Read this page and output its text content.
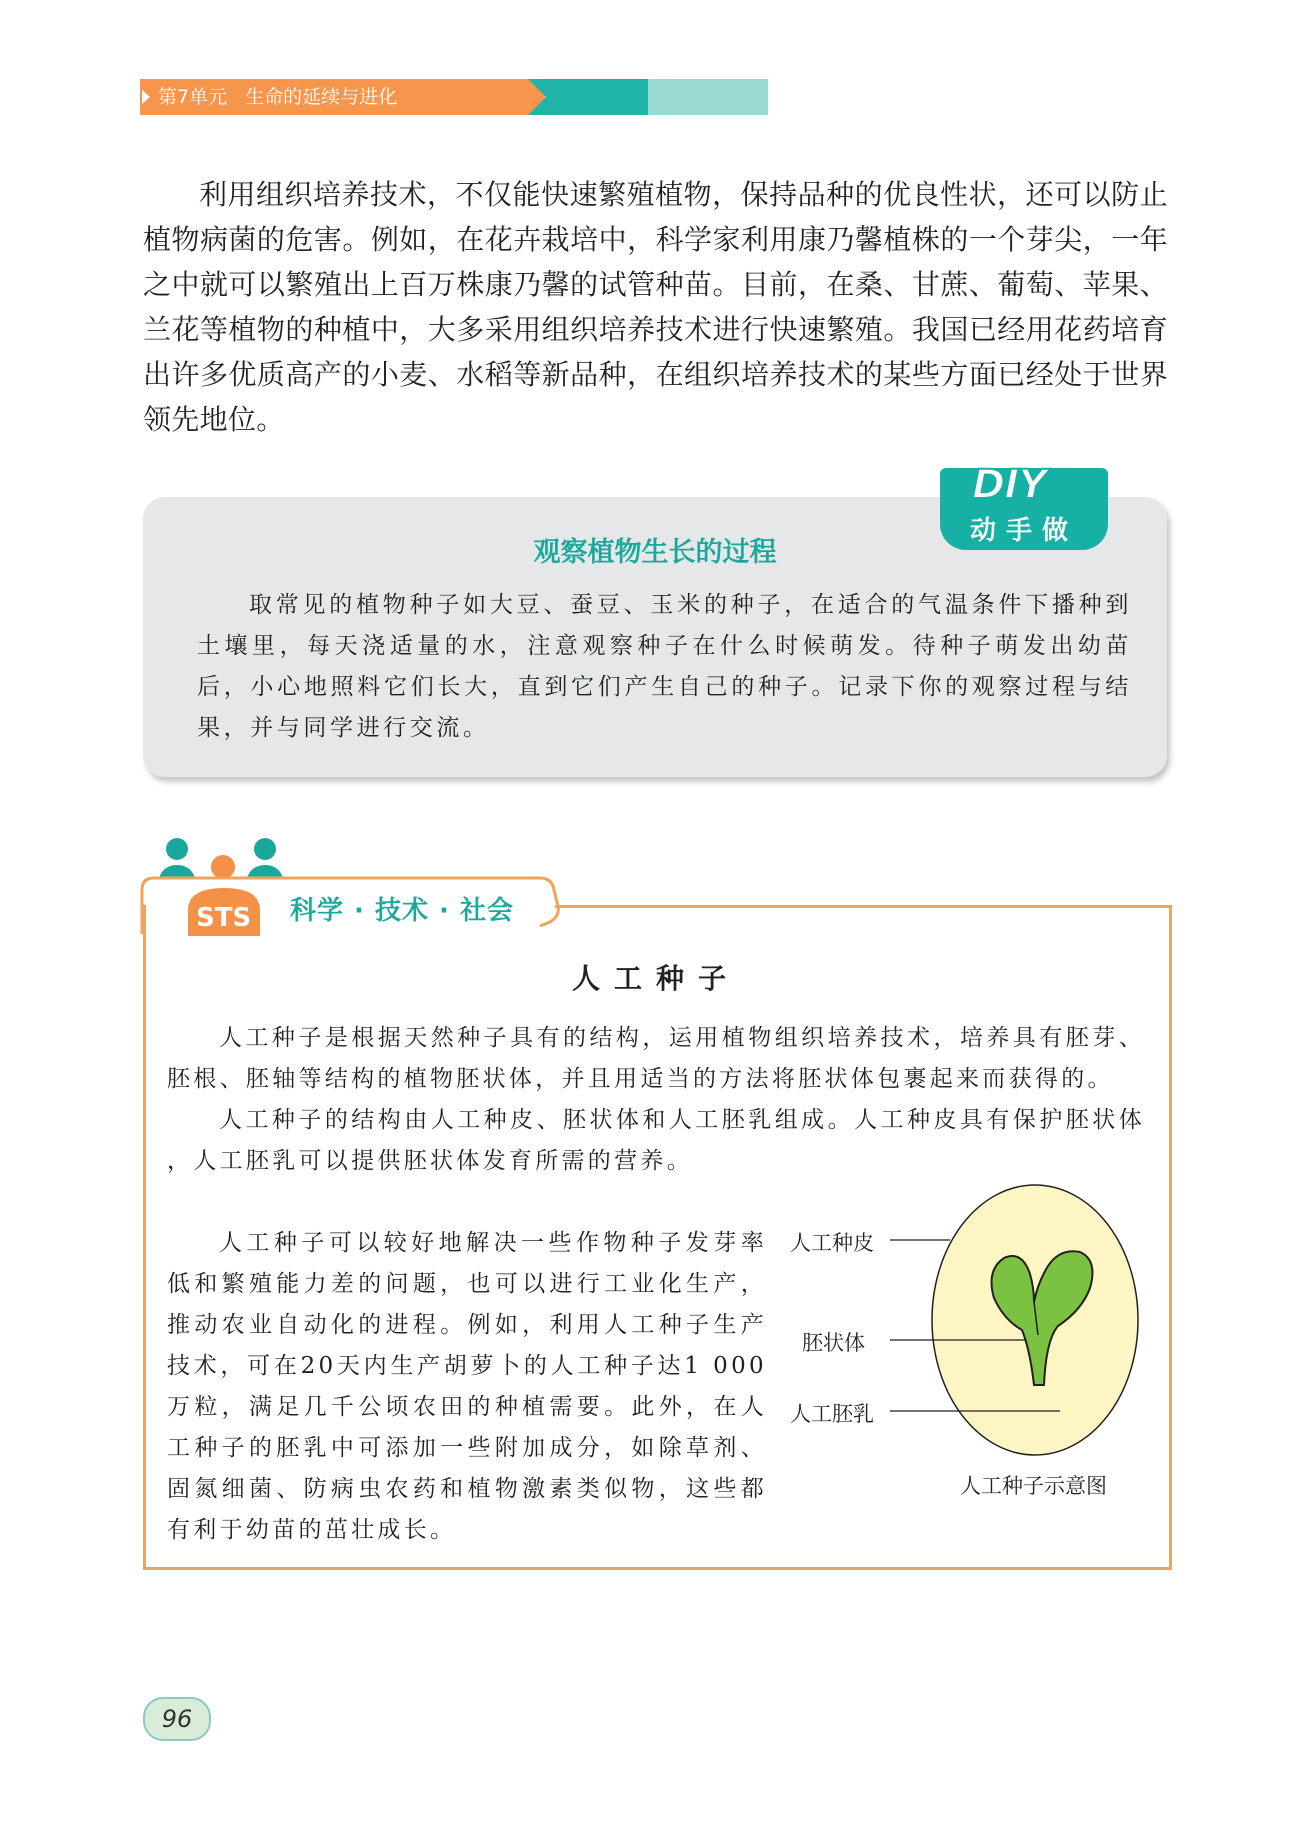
第7单元 生命的延续与进化

利用组织培养技术，不仅能快速繁殖植物，保持品种的优良性状，还可以防止植物病菌的危害。例如，在花卉栽培中，科学家利用康乃馨植株的一个芽尖，一年之中就可以繁殖出上百万株康乃馨的试管种苗。目前，在桑、甘蔗、葡萄、苹果、兰花等植物的种植中，大多采用组织培养技术进行快速繁殖。我国已经用花药培育出许多优质高产的小麦、水稻等新品种，在组织培养技术的某些方面已经处于世界领先地位。

DIY
动手做
观察植物生长的过程

取常见的植物种子如大豆、蚕豆、玉米的种子，在适合的气温条件下播种到土壤里，每天浇适量的水，注意观察种子在什么时候萌发。待种子萌发出幼苗后，小心地照料它们长大，直到它们产生自己的种子。记录下你的观察过程与结果，并与同学进行交流。

STS 科学 · 技术 · 社会
人工种子

人工种子是根据天然种子具有的结构，运用植物组织培养技术，培养具有胚芽、胚根、胚轴等结构的植物胚状体，并且用适当的方法将胚状体包裹起来而获得的。

人工种子的结构由人工种皮、胚状体和人工胚乳组成。人工种皮具有保护胚状体

，人工胚乳可以提供胚状体发育所需的营养。

人工种子可以较好地解决一些作物种子发芽率低和繁殖能力差的问题，也可以进行工业化生产，推动农业自动化的进程。例如，利用人工种子生产技术，可在20天内生产胡萝卜的人工种子达1 000万粒，满足几千公顷农田的种植需要。此外，在人工种子的胚乳中可添加一些附加成分，如除草剂、固氮细菌、防病虫农药和植物激素类似物，这些都有利于幼苗的茁壮成长。

人工种皮
胚状体
人工胚乳
人工种子示意图
96
